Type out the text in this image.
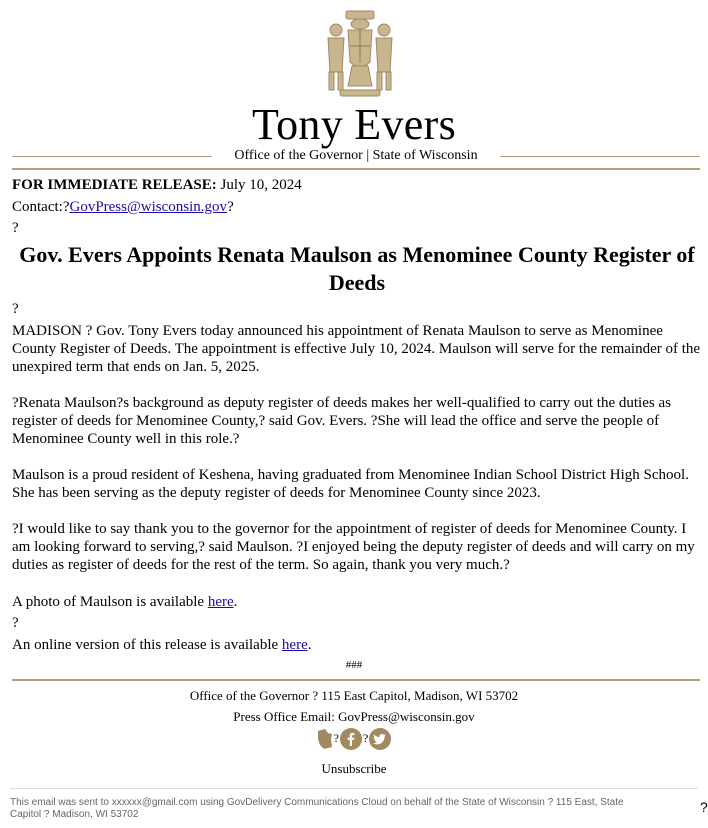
Tony Evers
Office of the Governor | State of Wisconsin
FOR IMMEDIATE RELEASE: July 10, 2024
Contact:?GovPress@wisconsin.gov?
?
Gov. Evers Appoints Renata Maulson as Menominee County Register of Deeds
?
MADISON ? Gov. Tony Evers today announced his appointment of Renata Maulson to serve as Menominee County Register of Deeds. The appointment is effective July 10, 2024. Maulson will serve for the remainder of the unexpired term that ends on Jan. 5, 2025.
?Renata Maulson?s background as deputy register of deeds makes her well-qualified to carry out the duties as register of deeds for Menominee County,? said Gov. Evers. ?She will lead the office and serve the people of Menominee County well in this role.?
Maulson is a proud resident of Keshena, having graduated from Menominee Indian School District High School. She has been serving as the deputy register of deeds for Menominee County since 2023.
?I would like to say thank you to the governor for the appointment of register of deeds for Menominee County. I am looking forward to serving,? said Maulson. ?I enjoyed being the deputy register of deeds and will carry on my duties as register of deeds for the rest of the term. So again, thank you very much.?
A photo of Maulson is available here.
?
An online version of this release is available here.
###
Office of the Governor ? 115 East Capitol, Madison, WI 53702
Press Office Email: GovPress@wisconsin.gov
? ?
Unsubscribe
This email was sent to xxxxxx@gmail.com using GovDelivery Communications Cloud on behalf of the State of Wisconsin ? 115 East, State Capitol ? Madison, WI 53702	?
